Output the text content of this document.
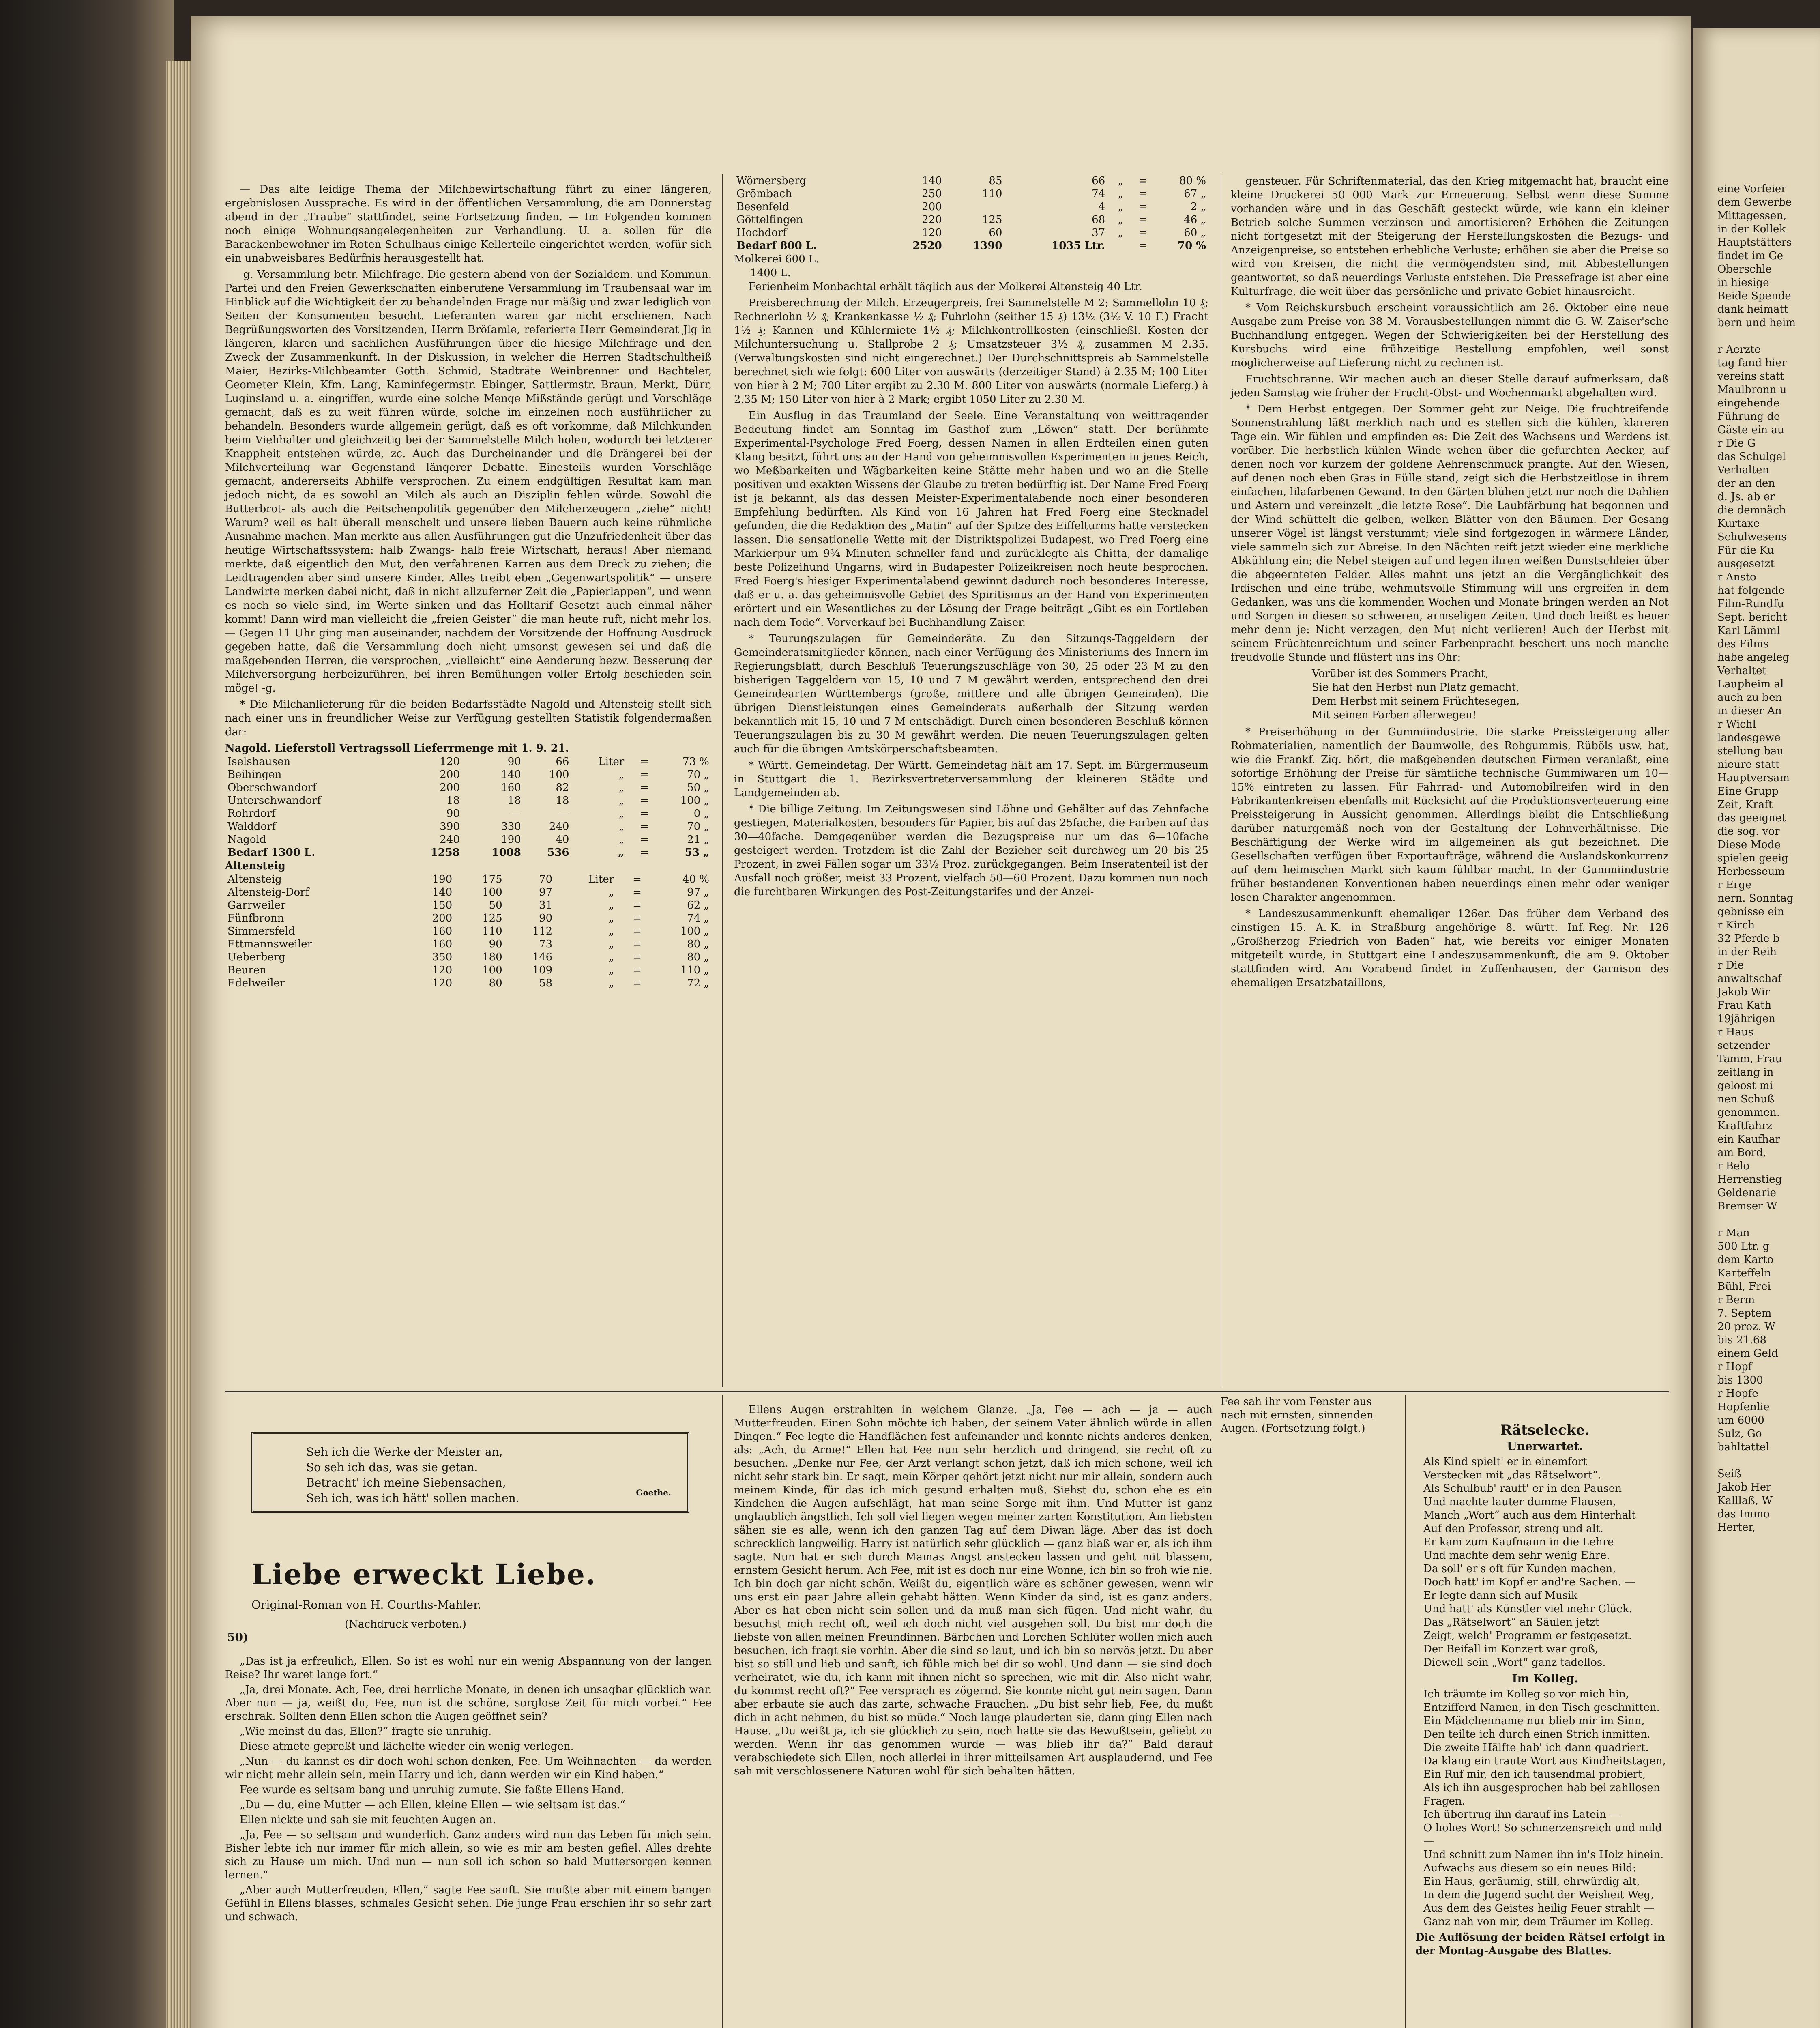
— Das alte leidige Thema der Milchbewirtschaftung führt zu einer längeren, ergebnislosen Aussprache. Es wird in der öffentlichen Versammlung, die am Donnerstag abend in der „Traube“ stattfindet, seine Fortsetzung finden. — Im Folgenden kommen noch einige Wohnungsangelegenheiten zur Verhandlung. U. a. sollen für die Barackenbewohner im Roten Schulhaus einige Kellerteile eingerichtet werden, wofür sich ein unabweisbares Bedürfnis herausgestellt hat.

-g. Versammlung betr. Milchfrage. Die gestern abend von der Sozialdem. und Kommun. Partei und den Freien Gewerkschaften einberufene Versammlung im Traubensaal war im Hinblick auf die Wichtigkeit der zu behandelnden Frage nur mäßig und zwar lediglich von Seiten der Konsumenten besucht. Lieferanten waren gar nicht erschienen. Nach Begrüßungsworten des Vorsitzenden, Herrn Bröſamle, referierte Herr Gemeinderat Jlg in längeren, klaren und sachlichen Ausführungen über die hiesige Milchfrage und den Zweck der Zusammenkunft. In der Diskussion, in welcher die Herren Stadtschultheiß Maier, Bezirks-Milchbeamter Gotth. Schmid, Stadträte Weinbrenner und Bachteler, Geometer Klein, Kfm. Lang, Kaminfegermstr. Ebinger, Sattlermstr. Braun, Merkt, Dürr, Luginsland u. a. eingriffen, wurde eine solche Menge Mißstände gerügt und Vorschläge gemacht, daß es zu weit führen würde, solche im einzelnen noch ausführlicher zu behandeln. Besonders wurde allgemein gerügt, daß es oft vorkomme, daß Milchkunden beim Viehhalter und gleichzeitig bei der Sammelstelle Milch holen, wodurch bei letzterer Knappheit entstehen würde, zc. Auch das Durcheinander und die Drängerei bei der Milchverteilung war Gegenstand längerer Debatte. Einesteils wurden Vorschläge gemacht, andererseits Abhilfe versprochen. Zu einem endgültigen Resultat kam man jedoch nicht, da es sowohl an Milch als auch an Disziplin fehlen würde. Sowohl die Butterbrot- als auch die Peitschenpolitik gegenüber den Milcherzeugern „ziehe“ nicht! Warum? weil es halt überall menschelt und unsere lieben Bauern auch keine rühmliche Ausnahme machen. Man merkte aus allen Ausführungen gut die Unzufriedenheit über das heutige Wirtschaftssystem: halb Zwangs- halb freie Wirtschaft, heraus! Aber niemand merkte, daß eigentlich den Mut, den verfahrenen Karren aus dem Dreck zu ziehen; die Leidtragenden aber sind unsere Kinder. Alles treibt eben „Gegenwartspolitik“ — unsere Landwirte merken dabei nicht, daß in nicht allzuferner Zeit die „Papierlappen“, und wenn es noch so viele sind, im Werte sinken und das Holltarif Gesetzt auch einmal näher kommt! Dann wird man vielleicht die „freien Geister“ die man heute ruft, nicht mehr los. — Gegen 11 Uhr ging man auseinander, nachdem der Vorsitzende der Hoffnung Ausdruck gegeben hatte, daß die Versammlung doch nicht umsonst gewesen sei und daß die maßgebenden Herren, die versprochen, „vielleicht“ eine Aenderung bezw. Besserung der Milchversorgung herbeizuführen, bei ihren Bemühungen voller Erfolg beschieden sein möge! -g.

* Die Milchanlieferung für die beiden Bedarfsstädte Nagold und Altensteig stellt sich nach einer uns in freundlicher Weise zur Verfügung gestellten Statistik folgendermaßen dar:

Nagold. Lieferstoll Vertragssoll Lieferrmenge mit 1. 9. 21.
Iselshausen	120	90	66	Liter	=	73 %
Beihingen	200	140	100	„	=	70 „
Oberschwandorf	200	160	82	„	=	50 „
Unterschwandorf	18	18	18	„	=	100 „
Rohrdorf	90	—	—	„	=	0 „
Walddorf	390	330	240	„	=	70 „
Nagold	240	190	40	„	=	21 „
Bedarf 1300 L.	1258	1008	536	„	=	53 „
Altensteig
Altensteig	190	175	70	Liter	=	40 %
Altensteig-Dorf	140	100	97	„	=	97 „
Garrweiler	150	50	31	„	=	62 „
Fünfbronn	200	125	90	„	=	74 „
Simmersfeld	160	110	112	„	=	100 „
Ettmannsweiler	160	90	73	„	=	80 „
Ueberberg	350	180	146	„	=	80 „
Beuren	120	100	109	„	=	110 „
Edelweiler	120	80	58	„	=	72 „
Wörnersberg	140	85	66	„	=	80 %
Grömbach	250	110	74	„	=	67 „
Besenfeld	200		4	„	=	2 „
Göttelfingen	220	125	68	„	=	46 „
Hochdorf	120	60	37	„	=	60 „
Bedarf 800 L.	2520	1390	1035 Ltr.		=	70 %
Molkerei 600 L.
1400 L.

Ferienheim Monbachtal erhält täglich aus der Molkerei Altensteig 40 Ltr.

Preisberechnung der Milch. Erzeugerpreis, frei Sammelstelle M 2; Sammellohn 10 ₰; Rechnerlohn ½ ₰; Krankenkasse ½ ₰; Fuhrlohn (seither 15 ₰) 13½ (3½ V. 10 F.) Fracht 1½ ₰; Kannen- und Kühlermiete 1½ ₰; Milchkontrollkosten (einschließl. Kosten der Milchuntersuchung u. Stallprobe 2 ₰; Umsatzsteuer 3½ ₰, zusammen M 2.35. (Verwaltungskosten sind nicht eingerechnet.) Der Durchschnittspreis ab Sammelstelle berechnet sich wie folgt: 600 Liter von auswärts (derzeitiger Stand) à 2.35 M; 100 Liter von hier à 2 M; 700 Liter ergibt zu 2.30 M. 800 Liter von auswärts (normale Lieferg.) à 2.35 M; 150 Liter von hier à 2 Mark; ergibt 1050 Liter zu 2.30 M.

Ein Ausflug in das Traumland der Seele. Eine Veranstaltung von weittragender Bedeutung findet am Sonntag im Gasthof zum „Löwen“ statt. Der berühmte Experimental-Psychologe Fred Foerg, dessen Namen in allen Erdteilen einen guten Klang besitzt, führt uns an der Hand von geheimnisvollen Experimenten in jenes Reich, wo Meßbarkeiten und Wägbarkeiten keine Stätte mehr haben und wo an die Stelle positiven und exakten Wissens der Glaube zu treten bedürftig ist. Der Name Fred Foerg ist ja bekannt, als das dessen Meister-Experimentalabende noch einer besonderen Empfehlung bedürften. Als Kind von 16 Jahren hat Fred Foerg eine Stecknadel gefunden, die die Redaktion des „Matin“ auf der Spitze des Eiffelturms hatte verstecken lassen. Die sensationelle Wette mit der Distriktspolizei Budapest, wo Fred Foerg eine Markierpur um 9¾ Minuten schneller fand und zurücklegte als Chitta, der damalige beste Polizeihund Ungarns, wird in Budapester Polizeikreisen noch heute besprochen. Fred Foerg's hiesiger Experimentalabend gewinnt dadurch noch besonderes Interesse, daß er u. a. das geheimnisvolle Gebiet des Spiritismus an der Hand von Experimenten erörtert und ein Wesentliches zu der Lösung der Frage beiträgt „Gibt es ein Fortleben nach dem Tode“. Vorverkauf bei Buchhandlung Zaiser.

* Teurungszulagen für Gemeinderäte. Zu den Sitzungs-Taggeldern der Gemeinderatsmitglieder können, nach einer Verfügung des Ministeriums des Innern im Regierungsblatt, durch Beschluß Teuerungszuschläge von 30, 25 oder 23 M zu den bisherigen Taggeldern von 15, 10 und 7 M gewährt werden, entsprechend den drei Gemeindearten Württembergs (große, mittlere und alle übrigen Gemeinden). Die übrigen Dienstleistungen eines Gemeinderats außerhalb der Sitzung werden bekanntlich mit 15, 10 und 7 M entschädigt. Durch einen besonderen Beschluß können Teuerungszulagen bis zu 30 M gewährt werden. Die neuen Teuerungszulagen gelten auch für die übrigen Amtskörperschaftsbeamten.

* Württ. Gemeindetag. Der Württ. Gemeindetag hält am 17. Sept. im Bürgermuseum in Stuttgart die 1. Bezirksvertreterversammlung der kleineren Städte und Landgemeinden ab.

* Die billige Zeitung. Im Zeitungswesen sind Löhne und Gehälter auf das Zehnfache gestiegen, Materialkosten, besonders für Papier, bis auf das 25fache, die Farben auf das 30—40fache. Demgegenüber werden die Bezugspreise nur um das 6—10fache gesteigert werden. Trotzdem ist die Zahl der Bezieher seit durchweg um 20 bis 25 Prozent, in zwei Fällen sogar um 33⅓ Proz. zurückgegangen. Beim Inseratenteil ist der Ausfall noch größer, meist 33 Prozent, vielfach 50—60 Prozent. Dazu kommen nun noch die furchtbaren Wirkungen des Post-Zeitungstarifes und der Anzei-

gensteuer. Für Schriftenmaterial, das den Krieg mitgemacht hat, braucht eine kleine Druckerei 50 000 Mark zur Erneuerung. Selbst wenn diese Summe vorhanden wäre und in das Geschäft gesteckt würde, wie kann ein kleiner Betrieb solche Summen verzinsen und amortisieren? Erhöhen die Zeitungen nicht fortgesetzt mit der Steigerung der Herstellungskosten die Bezugs- und Anzeigenpreise, so entstehen erhebliche Verluste; erhöhen sie aber die Preise so wird von Kreisen, die nicht die vermögendsten sind, mit Abbestellungen geantwortet, so daß neuerdings Verluste entstehen. Die Pressefrage ist aber eine Kulturfrage, die weit über das persönliche und private Gebiet hinausreicht.

* Vom Reichskursbuch erscheint voraussichtlich am 26. Oktober eine neue Ausgabe zum Preise von 38 M. Vorausbestellungen nimmt die G. W. Zaiser'sche Buchhandlung entgegen. Wegen der Schwierigkeiten bei der Herstellung des Kursbuchs wird eine frühzeitige Bestellung empfohlen, weil sonst möglicherweise auf Lieferung nicht zu rechnen ist.

Fruchtschranne. Wir machen auch an dieser Stelle darauf aufmerksam, daß jeden Samstag wie früher der Frucht-Obst- und Wochenmarkt abgehalten wird.

* Dem Herbst entgegen. Der Sommer geht zur Neige. Die fruchtreifende Sonnenstrahlung läßt merklich nach und es stellen sich die kühlen, klareren Tage ein. Wir fühlen und empfinden es: Die Zeit des Wachsens und Werdens ist vorüber. Die herbstlich kühlen Winde wehen über die gefurchten Aecker, auf denen noch vor kurzem der goldene Aehrenschmuck prangte. Auf den Wiesen, auf denen noch eben Gras in Fülle stand, zeigt sich die Herbstzeitlose in ihrem einfachen, lilafarbenen Gewand. In den Gärten blühen jetzt nur noch die Dahlien und Astern und vereinzelt „die letzte Rose“. Die Laubfärbung hat begonnen und der Wind schüttelt die gelben, welken Blätter von den Bäumen. Der Gesang unserer Vögel ist längst verstummt; viele sind fortgezogen in wärmere Länder, viele sammeln sich zur Abreise. In den Nächten reift jetzt wieder eine merkliche Abkühlung ein; die Nebel steigen auf und legen ihren weißen Dunstschleier über die abgeernteten Felder. Alles mahnt uns jetzt an die Vergänglichkeit des Irdischen und eine trübe, wehmutsvolle Stimmung will uns ergreifen in dem Gedanken, was uns die kommenden Wochen und Monate bringen werden an Not und Sorgen in diesen so schweren, armseligen Zeiten. Und doch heißt es heuer mehr denn je: Nicht verzagen, den Mut nicht verlieren! Auch der Herbst mit seinem Früchtenreichtum und seiner Farbenpracht beschert uns noch manche freudvolle Stunde und flüstert uns ins Ohr:

Vorüber ist des Sommers Pracht,
Sie hat den Herbst nun Platz gemacht,
Dem Herbst mit seinem Früchtesegen,
Mit seinen Farben allerwegen!

* Preiserhöhung in der Gummiindustrie. Die starke Preissteigerung aller Rohmaterialien, namentlich der Baumwolle, des Rohgummis, Rüböls usw. hat, wie die Frankf. Zig. hört, die maßgebenden deutschen Firmen veranlaßt, eine sofortige Erhöhung der Preise für sämtliche technische Gummiwaren um 10—15% eintreten zu lassen. Für Fahrrad- und Automobilreifen wird in den Fabrikantenkreisen ebenfalls mit Rücksicht auf die Produktionsverteuerung eine Preissteigerung in Aussicht genommen. Allerdings bleibt die Entschließung darüber naturgemäß noch von der Gestaltung der Lohnverhältnisse. Die Beschäftigung der Werke wird im allgemeinen als gut bezeichnet. Die Gesellschaften verfügen über Exportaufträge, während die Auslandskonkurrenz auf dem heimischen Markt sich kaum fühlbar macht. In der Gummiindustrie früher bestandenen Konventionen haben neuerdings einen mehr oder weniger losen Charakter angenommen.

* Landeszusammenkunft ehemaliger 126er. Das früher dem Verband des einstigen 15. A.-K. in Straßburg angehörige 8. württ. Inf.-Reg. Nr. 126 „Großherzog Friedrich von Baden“ hat, wie bereits vor einiger Monaten mitgeteilt wurde, in Stuttgart eine Landeszusammenkunft, die am 9. Oktober stattfinden wird. Am Vorabend findet in Zuffenhausen, der Garnison des ehemaligen Ersatzbataillons,

Seh ich die Werke der Meister an,
So seh ich das, was sie getan.
Betracht' ich meine Siebensachen,
Seh ich, was ich hätt' sollen machen.	Goethe.
Liebe erweckt Liebe.
Original-Roman von H. Courths-Mahler.
(Nachdruck verboten.)
50)

„Das ist ja erfreulich, Ellen. So ist es wohl nur ein wenig Abspannung von der langen Reise? Ihr waret lange fort.“

„Ja, drei Monate. Ach, Fee, drei herrliche Monate, in denen ich unsagbar glücklich war. Aber nun — ja, weißt du, Fee, nun ist die schöne, sorglose Zeit für mich vorbei.“ Fee erschrak. Sollten denn Ellen schon die Augen geöffnet sein?

„Wie meinst du das, Ellen?“ fragte sie unruhig.

Diese atmete gepreßt und lächelte wieder ein wenig verlegen.

„Nun — du kannst es dir doch wohl schon denken, Fee. Um Weihnachten — da werden wir nicht mehr allein sein, mein Harry und ich, dann werden wir ein Kind haben.“

Fee wurde es seltsam bang und unruhig zumute. Sie faßte Ellens Hand.

„Du — du, eine Mutter — ach Ellen, kleine Ellen — wie seltsam ist das.“

Ellen nickte und sah sie mit feuchten Augen an.

„Ja, Fee — so seltsam und wunderlich. Ganz anders wird nun das Leben für mich sein. Bisher lebte ich nur immer für mich allein, so wie es mir am besten gefiel. Alles drehte sich zu Hause um mich. Und nun — nun soll ich schon so bald Muttersorgen kennen lernen.“

„Aber auch Mutterfreuden, Ellen,“ sagte Fee sanft. Sie mußte aber mit einem bangen Gefühl in Ellens blasses, schmales Gesicht sehen. Die junge Frau erschien ihr so sehr zart und schwach.

Ellens Augen erstrahlten in weichem Glanze. „Ja, Fee — ach — ja — auch Mutterfreuden. Einen Sohn möchte ich haben, der seinem Vater ähnlich würde in allen Dingen.“ Fee legte die Handflächen fest aufeinander und konnte nichts anderes denken, als: „Ach, du Arme!“ Ellen hat Fee nun sehr herzlich und dringend, sie recht oft zu besuchen. „Denke nur Fee, der Arzt verlangt schon jetzt, daß ich mich schone, weil ich nicht sehr stark bin. Er sagt, mein Körper gehört jetzt nicht nur mir allein, sondern auch meinem Kinde, für das ich mich gesund erhalten muß. Siehst du, schon ehe es ein Kindchen die Augen aufschlägt, hat man seine Sorge mit ihm. Und Mutter ist ganz unglaublich ängstlich. Ich soll viel liegen wegen meiner zarten Konstitution. Am liebsten sähen sie es alle, wenn ich den ganzen Tag auf dem Diwan läge. Aber das ist doch schrecklich langweilig. Harry ist natürlich sehr glücklich — ganz blaß war er, als ich ihm sagte. Nun hat er sich durch Mamas Angst anstecken lassen und geht mit blassem, ernstem Gesicht herum. Ach Fee, mit ist es doch nur eine Wonne, ich bin so froh wie nie. Ich bin doch gar nicht schön. Weißt du, eigentlich wäre es schöner gewesen, wenn wir uns erst ein paar Jahre allein gehabt hätten. Wenn Kinder da sind, ist es ganz anders. Aber es hat eben nicht sein sollen und da muß man sich fügen. Und nicht wahr, du besuchst mich recht oft, weil ich doch nicht viel ausgehen soll. Du bist mir doch die liebste von allen meinen Freundinnen. Bärbchen und Lorchen Schlüter wollen mich auch besuchen, ich fragt sie vorhin. Aber die sind so laut, und ich bin so nervös jetzt. Du aber bist so still und lieb und sanft, ich fühle mich bei dir so wohl. Und dann — sie sind doch verheiratet, wie du, ich kann mit ihnen nicht so sprechen, wie mit dir. Also nicht wahr, du kommst recht oft?“ Fee versprach es zögernd. Sie konnte nicht gut nein sagen. Dann aber erbaute sie auch das zarte, schwache Frauchen. „Du bist sehr lieb, Fee, du mußt dich in acht nehmen, du bist so müde.“ Noch lange plauderten sie, dann ging Ellen nach Hause. „Du weißt ja, ich sie glücklich zu sein, noch hatte sie das Bewußtsein, geliebt zu werden. Wenn ihr das genommen wurde — was blieb ihr da?“ Bald darauf verabschiedete sich Ellen, noch allerlei in ihrer mitteilsamen Art ausplaudernd, und Fee sah mit verschlossenere Naturen wohl für sich behalten hätten.

Fee sah ihr vom Fenster aus nach mit ernsten, sinnenden Augen. (Fortsetzung folgt.)	Rätselecke.
Unerwartet.
Als Kind spielt' er in einemfort
Verstecken mit „das Rätselwort“.
Als Schulbub' rauft' er in den Pausen
Und machte lauter dumme Flausen,
Manch „Wort“ auch aus dem Hinterhalt
Auf den Professor, streng und alt.
Er kam zum Kaufmann in die Lehre
Und machte dem sehr wenig Ehre.
Da soll' er's oft für Kunden machen,
Doch hatt' im Kopf er and're Sachen. —
Er legte dann sich auf Musik
Und hatt' als Künstler viel mehr Glück.
Das „Rätselwort“ an Säulen jetzt
Zeigt, welch' Programm er festgesetzt.
Der Beifall im Konzert war groß,
Diewell sein „Wort“ ganz tadellos.
Im Kolleg.
Ich träumte im Kolleg so vor mich hin,
Entzifferd Namen, in den Tisch geschnitten.
Ein Mädchenname nur blieb mir im Sinn,
Den teilte ich durch einen Strich inmitten.
Die zweite Hälfte hab' ich dann quadriert.
Da klang ein traute Wort aus Kindheitstagen,
Ein Ruf mir, den ich tausendmal probiert,
Als ich ihn ausgesprochen hab bei zahllosen Fragen.
Ich übertrug ihn darauf ins Latein —
O hohes Wort! So schmerzensreich und mild —
Und schnitt zum Namen ihn in's Holz hinein.
Aufwachs aus diesem so ein neues Bild:
Ein Haus, geräumig, still, ehrwürdig-alt,
In dem die Jugend sucht der Weisheit Weg,
Aus dem des Geistes heilig Feuer strahlt —
Ganz nah von mir, dem Träumer im Kolleg.
Die Auflösung der beiden Rätsel erfolgt in der Montag-Ausgabe des Blattes.
eine Vorfeier
dem Gewerbe
Mittagessen,
in der Kollek
Hauptstätters
findet im Ge
Oberschle
in hiesige
Beide Spende
dank heimatt
bern und heim

r Aerzte
tag fand hier
vereins statt
Maulbronn u
eingehende
Führung de
Gäste ein au
r Die G
das Schulgel
Verhalten
der an den
d. Js. ab er
die demnäch
Kurtaxe
Schulwesens
Für die Ku
ausgesetzt
r Ansto
hat folgende
Film-Rundfu
Sept. bericht
Karl Lämml
des Films
habe angeleg
Verhaltet
Laupheim al
auch zu ben
in dieser An
r Wichl
landesgewe
stellung bau
nieure statt
Hauptversam
Eine Grupp
Zeit, Kraft
das geeignet
die sog. vor
Diese Mode
spielen geeig
Herbesseum
r Erge
nern. Sonntag
gebnisse ein
r Kirch
32 Pferde b
in der Reih
r Die
anwaltschaf
Jakob Wir
Frau Kath
19jährigen
r Haus
setzender
Tamm, Frau
zeitlang in
geloost mi
nen Schuß
genommen.
Kraftfahrz
ein Kaufhar
am Bord,
r Belo
Herrenstieg
Geldenarie
Bremser W

r Man
500 Ltr. g
dem Karto
Karteffeln
Bühl, Frei
r Berm
7. Septem
20 proz. W
bis 21.68
einem Geld
r Hopf
bis 1300
r Hopfe
Hopfenlie
um 6000
Sulz, Go
bahltattel

Seiß
Jakob Her
Kalllaß, W
das Immo
Herter,
